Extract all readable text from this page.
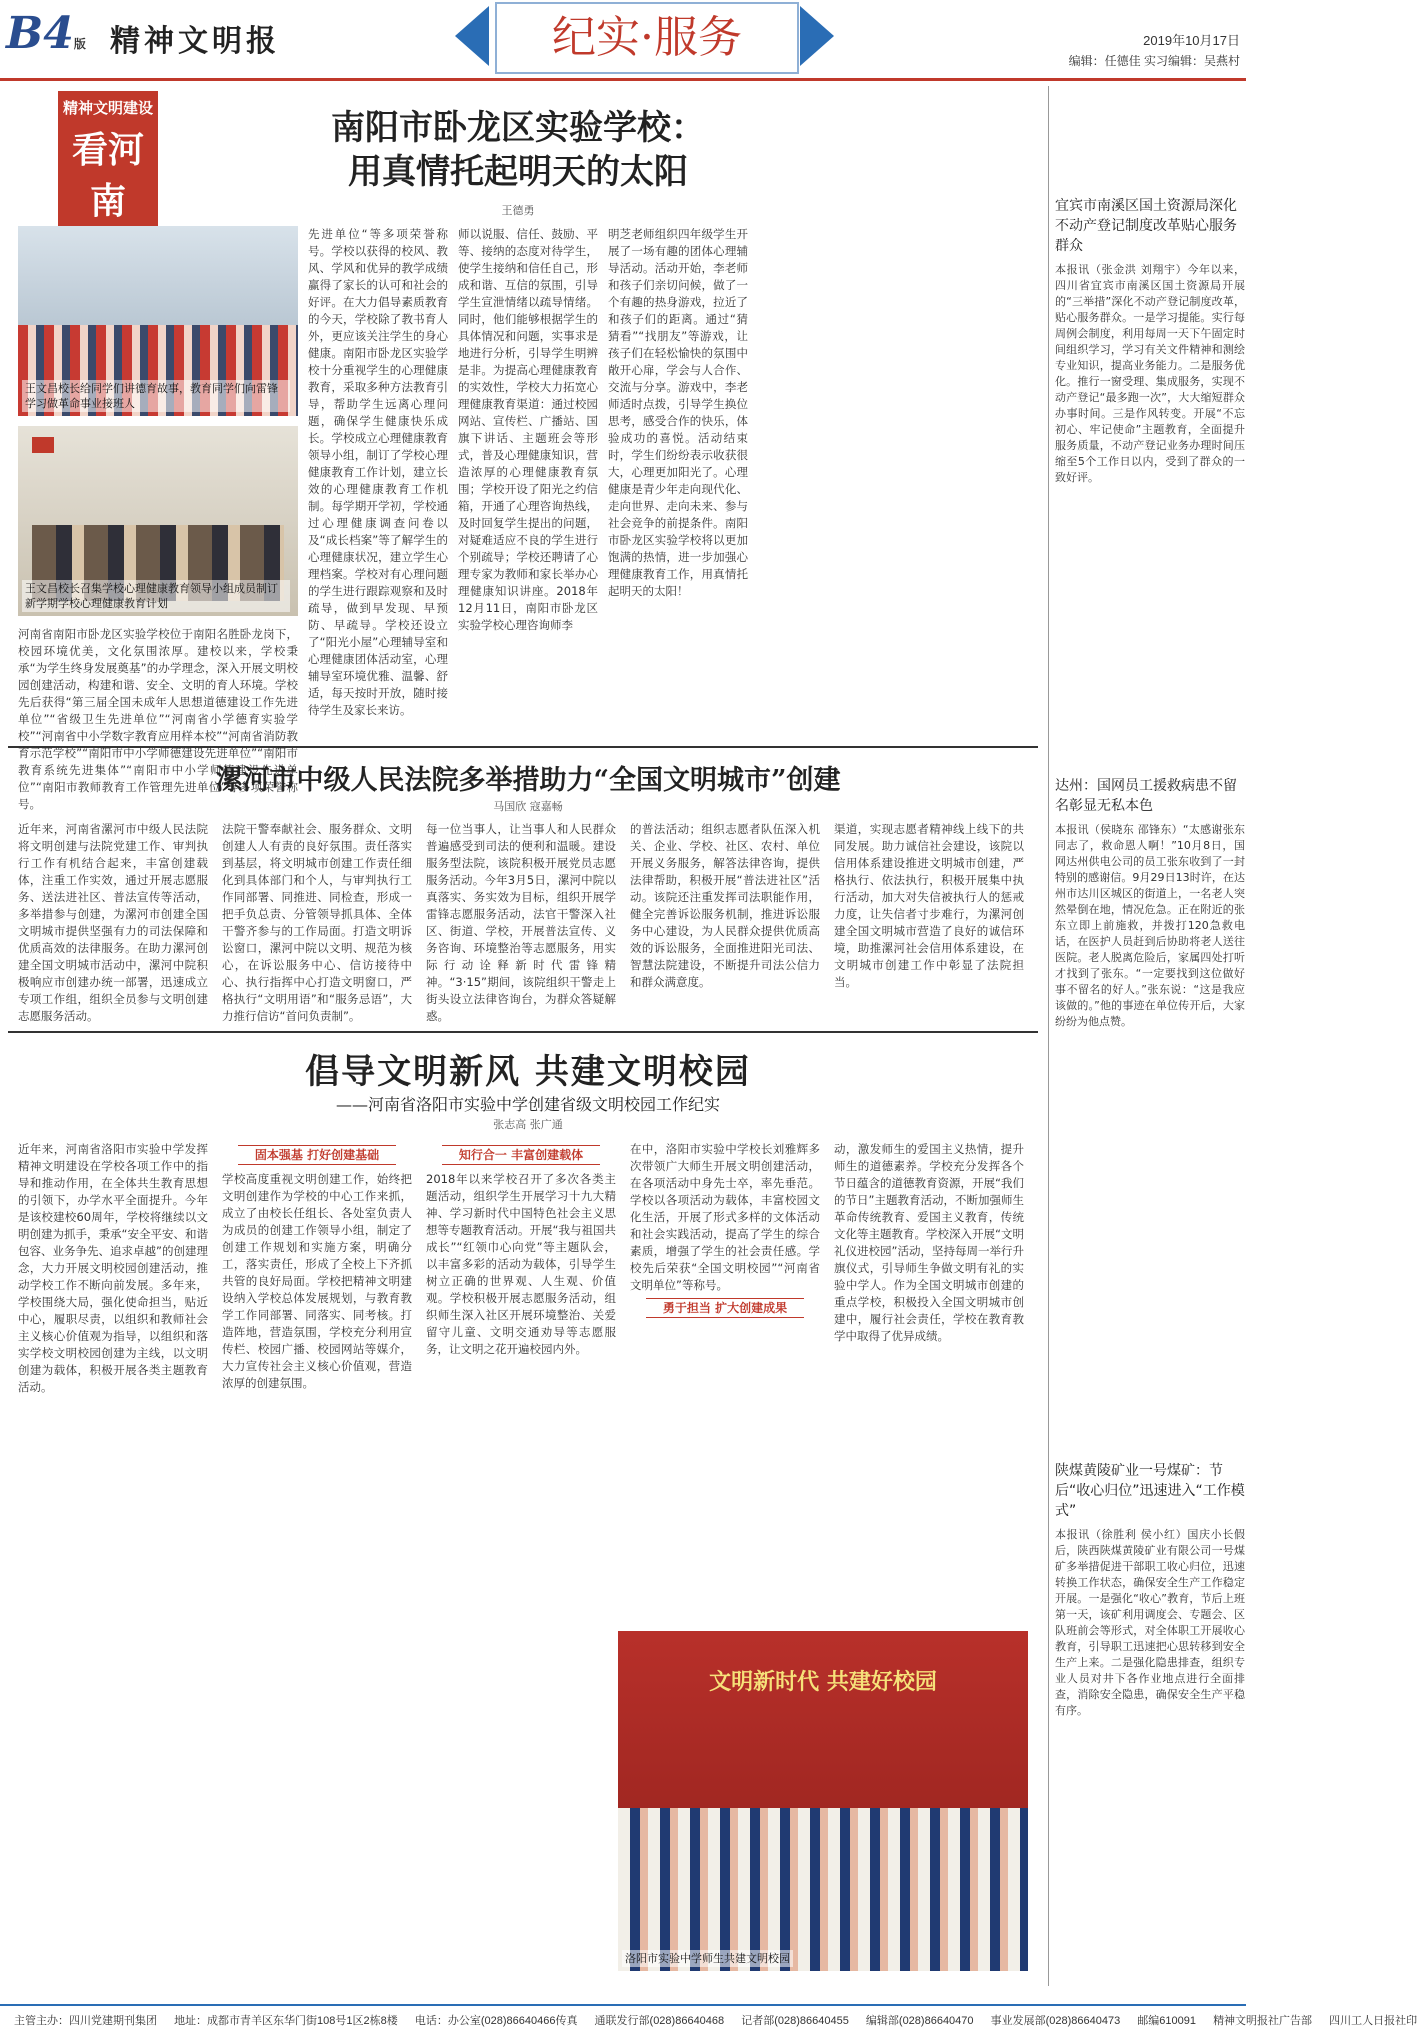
B4版 精神文明报	纪实·服务	2019年10月17日
编辑：任德佳 实习编辑：吴燕村
精神文明建设
看河南
南阳市卧龙区实验学校：
用真情托起明天的太阳
王德勇
王文昌校长给同学们讲德育故事，教育同学们向雷锋学习做革命事业接班人
王文昌校长召集学校心理健康教育领导小组成员制订新学期学校心理健康教育计划
河南省南阳市卧龙区实验学校位于南阳名胜卧龙岗下，校园环境优美，文化氛围浓厚。建校以来，学校秉承“为学生终身发展奠基”的办学理念，深入开展文明校园创建活动，构建和谐、安全、文明的育人环境。学校先后获得“第三届全国未成年人思想道德建设工作先进单位”“省级卫生先进单位”“河南省小学德育实验学校”“河南省中小学数字教育应用样本校”“河南省消防教育示范学校”“南阳市中小学师德建设先进单位”“南阳市教育系统先进集体”“南阳市中小学师德建设先进单位”“南阳市教师教育工作管理先进单位”等多项荣誉称号。
先进单位“等多项荣誉称号。学校以获得的校风、教风、学风和优异的教学成绩赢得了家长的认可和社会的好评。在大力倡导素质教育的今天，学校除了教书育人外，更应该关注学生的身心健康。南阳市卧龙区实验学校十分重视学生的心理健康教育，采取多种方法教育引导，帮助学生远离心理问题，确保学生健康快乐成长。学校成立心理健康教育领导小组，制订了学校心理健康教育工作计划，建立长效的心理健康教育工作机制。每学期开学初，学校通过心理健康调查问卷以及“成长档案”等了解学生的心理健康状况，建立学生心理档案。学校对有心理问题的学生进行跟踪观察和及时疏导，做到早发现、早预防、早疏导。学校还设立了“阳光小屋”心理辅导室和心理健康团体活动室，心理辅导室环境优雅、温馨、舒适，每天按时开放，随时接待学生及家长来访。
师以说服、信任、鼓励、平等、接纳的态度对待学生，使学生接纳和信任自己，形成和谐、互信的氛围，引导学生宣泄情绪以疏导情绪。同时，他们能够根据学生的具体情况和问题，实事求是地进行分析，引导学生明辨是非。为提高心理健康教育的实效性，学校大力拓宽心理健康教育渠道：通过校园网站、宣传栏、广播站、国旗下讲话、主题班会等形式，普及心理健康知识，营造浓厚的心理健康教育氛围；学校开设了阳光之约信箱，开通了心理咨询热线，及时回复学生提出的问题，对疑难适应不良的学生进行个别疏导；学校还聘请了心理专家为教师和家长举办心理健康知识讲座。2018年12月11日，南阳市卧龙区实验学校心理咨询师李
明芝老师组织四年级学生开展了一场有趣的团体心理辅导活动。活动开始，李老师和孩子们亲切问候，做了一个有趣的热身游戏，拉近了和孩子们的距离。通过“猜猜看”“找朋友”等游戏，让孩子们在轻松愉快的氛围中敞开心扉，学会与人合作、交流与分享。游戏中，李老师适时点拨，引导学生换位思考，感受合作的快乐，体验成功的喜悦。活动结束时，学生们纷纷表示收获很大，心理更加阳光了。心理健康是青少年走向现代化、走向世界、走向未来、参与社会竞争的前提条件。南阳市卧龙区实验学校将以更加饱满的热情，进一步加强心理健康教育工作，用真情托起明天的太阳！
漯河市中级人民法院多举措助力“全国文明城市”创建
马国欣 寇嘉畅
近年来，河南省漯河市中级人民法院将文明创建与法院党建工作、审判执行工作有机结合起来，丰富创建载体，注重工作实效，通过开展志愿服务、送法进社区、普法宣传等活动，多举措参与创建，为漯河市创建全国文明城市提供坚强有力的司法保障和优质高效的法律服务。在助力漯河创建全国文明城市活动中，漯河中院积极响应市创建办统一部署，迅速成立专项工作组，组织全员参与文明创建志愿服务活动。
法院干警奉献社会、服务群众、文明创建人人有责的良好氛围。责任落实到基层，将文明城市创建工作责任细化到具体部门和个人，与审判执行工作同部署、同推进、同检查，形成一把手负总责、分管领导抓具体、全体干警齐参与的工作局面。打造文明诉讼窗口，漯河中院以文明、规范为核心，在诉讼服务中心、信访接待中心、执行指挥中心打造文明窗口，严格执行“文明用语”和“服务忌语”，大力推行信访“首问负责制”。
每一位当事人，让当事人和人民群众普遍感受到司法的便利和温暖。建设服务型法院，该院积极开展党员志愿服务活动。今年3月5日，漯河中院以真落实、务实效为目标，组织开展学雷锋志愿服务活动，法官干警深入社区、街道、学校，开展普法宣传、义务咨询、环境整治等志愿服务，用实际行动诠释新时代雷锋精神。“3·15”期间，该院组织干警走上街头设立法律咨询台，为群众答疑解惑。
的普法活动；组织志愿者队伍深入机关、企业、学校、社区、农村、单位开展义务服务，解答法律咨询，提供法律帮助，积极开展“普法进社区”活动。该院还注重发挥司法职能作用，健全完善诉讼服务机制，推进诉讼服务中心建设，为人民群众提供优质高效的诉讼服务，全面推进阳光司法、智慧法院建设，不断提升司法公信力和群众满意度。
渠道，实现志愿者精神线上线下的共同发展。助力诚信社会建设，该院以信用体系建设推进文明城市创建，严格执行、依法执行，积极开展集中执行活动，加大对失信被执行人的惩戒力度，让失信者寸步难行，为漯河创建全国文明城市营造了良好的诚信环境，助推漯河社会信用体系建设，在文明城市创建工作中彰显了法院担当。
倡导文明新风 共建文明校园
——河南省洛阳市实验中学创建省级文明校园工作纪实
张志高 张广通
近年来，河南省洛阳市实验中学发挥精神文明建设在学校各项工作中的指导和推动作用，在全体共生教育思想的引领下，办学水平全面提升。今年是该校建校60周年，学校将继续以文明创建为抓手，秉承“安全平安、和谐包容、业务争先、追求卓越”的创建理念，大力开展文明校园创建活动，推动学校工作不断向前发展。多年来，学校围绕大局，强化使命担当，贴近中心，履职尽责，以组织和教师社会主义核心价值观为指导，以组织和落实学校文明校园创建为主线，以文明创建为载体，积极开展各类主题教育活动。
固本强基 打好创建基础
学校高度重视文明创建工作，始终把文明创建作为学校的中心工作来抓，成立了由校长任组长、各处室负责人为成员的创建工作领导小组，制定了创建工作规划和实施方案，明确分工，落实责任，形成了全校上下齐抓共管的良好局面。学校把精神文明建设纳入学校总体发展规划，与教育教学工作同部署、同落实、同考核。打造阵地，营造氛围，学校充分利用宣传栏、校园广播、校园网站等媒介，大力宣传社会主义核心价值观，营造浓厚的创建氛围。
知行合一 丰富创建载体
2018年以来学校召开了多次各类主题活动，组织学生开展学习十九大精神、学习新时代中国特色社会主义思想等专题教育活动。开展“我与祖国共成长”“红领巾心向党”等主题队会，以丰富多彩的活动为载体，引导学生树立正确的世界观、人生观、价值观。学校积极开展志愿服务活动，组织师生深入社区开展环境整治、关爱留守儿童、文明交通劝导等志愿服务，让文明之花开遍校园内外。
在中，洛阳市实验中学校长刘雅辉多次带领广大师生开展文明创建活动，在各项活动中身先士卒，率先垂范。学校以各项活动为载体，丰富校园文化生活，开展了形式多样的文体活动和社会实践活动，提高了学生的综合素质，增强了学生的社会责任感。学校先后荣获“全国文明校园”“河南省文明单位”等称号。
勇于担当 扩大创建成果
动，激发师生的爱国主义热情，提升师生的道德素养。学校充分发挥各个节日蕴含的道德教育资源，开展“我们的节日”主题教育活动，不断加强师生革命传统教育、爱国主义教育，传统文化等主题教育。学校深入开展“文明礼仪进校园”活动，坚持每周一举行升旗仪式，引导师生争做文明有礼的实验中学人。作为全国文明城市创建的重点学校，积极投入全国文明城市创建中，履行社会责任，学校在教育教学中取得了优异成绩。
文明新时代 共建好校园
洛阳市实验中学师生共建文明校园
宜宾市南溪区国土资源局深化不动产登记制度改革贴心服务群众
本报讯（张金洪 刘翔宇）今年以来，四川省宜宾市南溪区国土资源局开展的“三举措”深化不动产登记制度改革，贴心服务群众。一是学习提能。实行每周例会制度，利用每周一天下午固定时间组织学习，学习有关文件精神和测绘专业知识，提高业务能力。二是服务优化。推行一窗受理、集成服务，实现不动产登记“最多跑一次”，大大缩短群众办事时间。三是作风转变。开展“不忘初心、牢记使命”主题教育，全面提升服务质量，不动产登记业务办理时间压缩至5个工作日以内，受到了群众的一致好评。
达州：国网员工援救病患不留名彰显无私本色
本报讯（侯晓东 邵锋东）“太感谢张东同志了，救命恩人啊！”10月8日，国网达州供电公司的员工张东收到了一封特别的感谢信。9月29日13时许，在达州市达川区城区的街道上，一名老人突然晕倒在地，情况危急。正在附近的张东立即上前施救，并拨打120急救电话，在医护人员赶到后协助将老人送往医院。老人脱离危险后，家属四处打听才找到了张东。“一定要找到这位做好事不留名的好人。”张东说：“这是我应该做的。”他的事迹在单位传开后，大家纷纷为他点赞。
陕煤黄陵矿业一号煤矿：节后“收心归位”迅速进入“工作模式”
本报讯（徐胜利 侯小红）国庆小长假后，陕西陕煤黄陵矿业有限公司一号煤矿多举措促进干部职工收心归位，迅速转换工作状态，确保安全生产工作稳定开展。一是强化“收心”教育，节后上班第一天，该矿利用调度会、专题会、区队班前会等形式，对全体职工开展收心教育，引导职工迅速把心思转移到安全生产上来。二是强化隐患排查，组织专业人员对井下各作业地点进行全面排查，消除安全隐患，确保安全生产平稳有序。
主管主办：四川党建期刊集团 地址：成都市青羊区东华门街108号1区2栋8楼 电话：办公室(028)86640466传真 通联发行部(028)86640468 记者部(028)86640455 编辑部(028)86640470 事业发展部(028)86640473 邮编610091 精神文明报社广告部 四川工人日报社印
